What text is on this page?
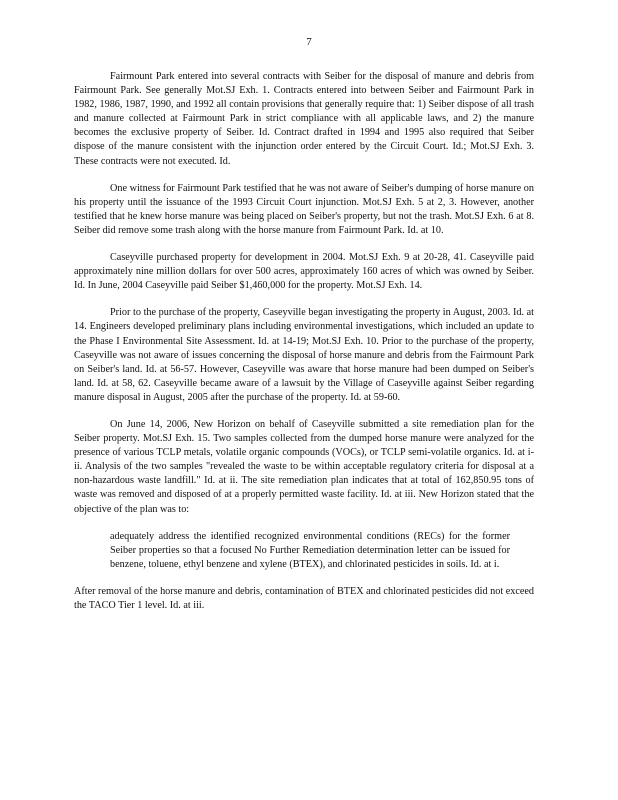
7

Fairmount Park entered into several contracts with Seiber for the disposal of manure and debris from Fairmount Park. See generally Mot.SJ Exh. 1. Contracts entered into between Seiber and Fairmount Park in 1982, 1986, 1987, 1990, and 1992 all contain provisions that generally require that: 1) Seiber dispose of all trash and manure collected at Fairmount Park in strict compliance with all applicable laws, and 2) the manure becomes the exclusive property of Seiber. Id. Contract drafted in 1994 and 1995 also required that Seiber dispose of the manure consistent with the injunction order entered by the Circuit Court. Id.; Mot.SJ Exh. 3. These contracts were not executed. Id.

One witness for Fairmount Park testified that he was not aware of Seiber's dumping of horse manure on his property until the issuance of the 1993 Circuit Court injunction. Mot.SJ Exh. 5 at 2, 3. However, another testified that he knew horse manure was being placed on Seiber's property, but not the trash. Mot.SJ Exh. 6 at 8. Seiber did remove some trash along with the horse manure from Fairmount Park. Id. at 10.

Caseyville purchased property for development in 2004. Mot.SJ Exh. 9 at 20-28, 41. Caseyville paid approximately nine million dollars for over 500 acres, approximately 160 acres of which was owned by Seiber. Id. In June, 2004 Caseyville paid Seiber $1,460,000 for the property. Mot.SJ Exh. 14.

Prior to the purchase of the property, Caseyville began investigating the property in August, 2003. Id. at 14. Engineers developed preliminary plans including environmental investigations, which included an update to the Phase I Environmental Site Assessment. Id. at 14-19; Mot.SJ Exh. 10. Prior to the purchase of the property, Caseyville was not aware of issues concerning the disposal of horse manure and debris from the Fairmount Park on Seiber's land. Id. at 56-57. However, Caseyville was aware that horse manure had been dumped on Seiber's land. Id. at 58, 62. Caseyville became aware of a lawsuit by the Village of Caseyville against Seiber regarding manure disposal in August, 2005 after the purchase of the property. Id. at 59-60.

On June 14, 2006, New Horizon on behalf of Caseyville submitted a site remediation plan for the Seiber property. Mot.SJ Exh. 15. Two samples collected from the dumped horse manure were analyzed for the presence of various TCLP metals, volatile organic compounds (VOCs), or TCLP semi-volatile organics. Id. at i-ii. Analysis of the two samples "revealed the waste to be within acceptable regulatory criteria for disposal at a non-hazardous waste landfill." Id. at ii. The site remediation plan indicates that at total of 162,850.95 tons of waste was removed and disposed of at a properly permitted waste facility. Id. at iii. New Horizon stated that the objective of the plan was to:

adequately address the identified recognized environmental conditions (RECs) for the former Seiber properties so that a focused No Further Remediation determination letter can be issued for benzene, toluene, ethyl benzene and xylene (BTEX), and chlorinated pesticides in soils. Id. at i.

After removal of the horse manure and debris, contamination of BTEX and chlorinated pesticides did not exceed the TACO Tier 1 level. Id. at iii.
